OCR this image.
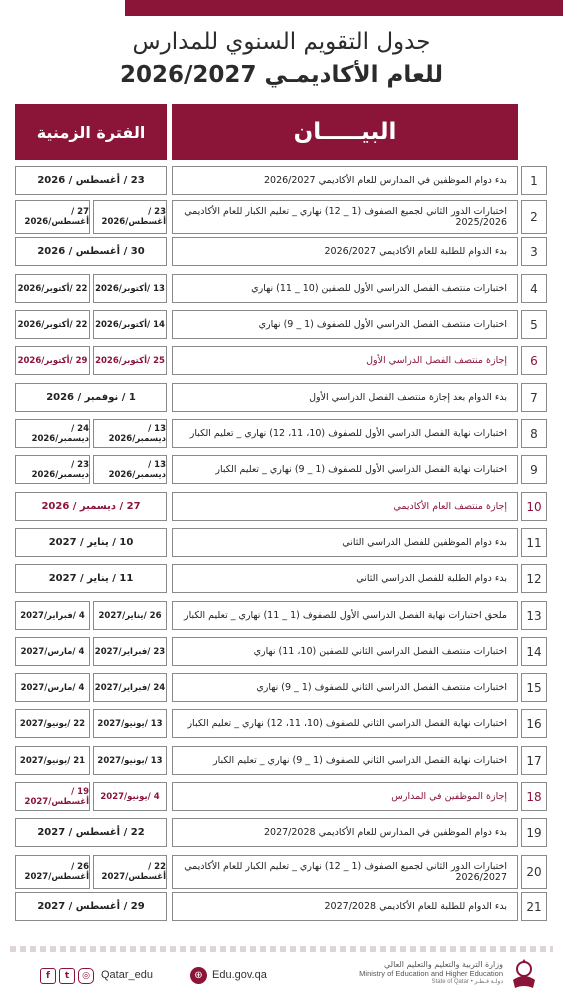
جدول التقويم السنوي للمدارس
للعام الأكاديمـي 2026/2027
البيـــــان
الفترة الزمنية
1
بدء دوام الموظفين في المدارس للعام الأكاديمي 2026/2027
23 / أغسطس / 2026
2
اختبارات الدور الثاني لجميع الصفوف (1 _ 12) نهاري _ تعليم الكبار للعام الأكاديمي 2025/2026
23 /أغسطس/2026
27 /أغسطس/2026
3
بدء الدوام للطلبة للعام الأكاديمي 2026/2027
30 / أغسطس / 2026
4
اختبارات منتصف الفصل الدراسي الأول للصفين (10 _ 11) نهاري
13 /أكتوبر/2026
22 /أكتوبر/2026
5
اختبارات منتصف الفصل الدراسي الأول للصفوف (1 _ 9) نهاري
14 /أكتوبر/2026
22 /أكتوبر/2026
6
إجازة منتصف الفصل الدراسي الأول
25 /أكتوبر/2026
29 /أكتوبر/2026
7
بدء الدوام بعد إجازة منتصف الفصل الدراسي الأول
1 / نوفمبر / 2026
8
اختبارات نهاية الفصل الدراسي الأول للصفوف (10، 11، 12) نهاري _ تعليم الكبار
13 /ديسمبر/2026
24 /ديسمبر/2026
9
اختبارات نهاية الفصل الدراسي الأول للصفوف (1 _ 9) نهاري _ تعليم الكبار
13 /ديسمبر/2026
23 /ديسمبر/2026
10
إجازة منتصف العام الأكاديمي
27 / ديسمبر / 2026
11
بدء دوام الموظفين للفصل الدراسي الثاني
10 / يناير / 2027
12
بدء دوام الطلبة للفصل الدراسي الثاني
11 / يناير / 2027
13
ملحق اختبارات نهاية الفصل الدراسي الأول للصفوف (1 _ 11) نهاري _ تعليم الكبار
26 /يناير/2027
4 /فبراير/2027
14
اختبارات منتصف الفصل الدراسي الثاني للصفين (10، 11) نهاري
23 /فبراير/2027
4 /مارس/2027
15
اختبارات منتصف الفصل الدراسي الثاني للصفوف (1 _ 9) نهاري
24 /فبراير/2027
4 /مارس/2027
16
اختبارات نهاية الفصل الدراسي الثاني للصفوف (10، 11، 12) نهاري _ تعليم الكبار
13 /يونيو/2027
22 /يونيو/2027
17
اختبارات نهاية الفصل الدراسي الثاني للصفوف (1 _ 9) نهاري _ تعليم الكبار
13 /يونيو/2027
21 /يونيو/2027
18
إجازة الموظفين في المدارس
4 /يونيو/2027
19 /أغسطس/2027
19
بدء دوام الموظفين في المدارس للعام الأكاديمي 2027/2028
22 / أغسطس / 2027
20
اختبارات الدور الثاني لجميع الصفوف (1 _ 12) نهاري _ تعليم الكبار للعام الأكاديمي 2026/2027
22 /أغسطس/2027
26 /أغسطس/2027
21
بدء الدوام للطلبة للعام الأكاديمي 2027/2028
29 / أغسطس / 2027
f	t	◎	Qatar_edu	⊕ Edu.gov.qa
وزارة التربية والتعليم والتعليم العالي
Ministry of Education and Higher Education
State of Qatar • دولـة قـطـر
